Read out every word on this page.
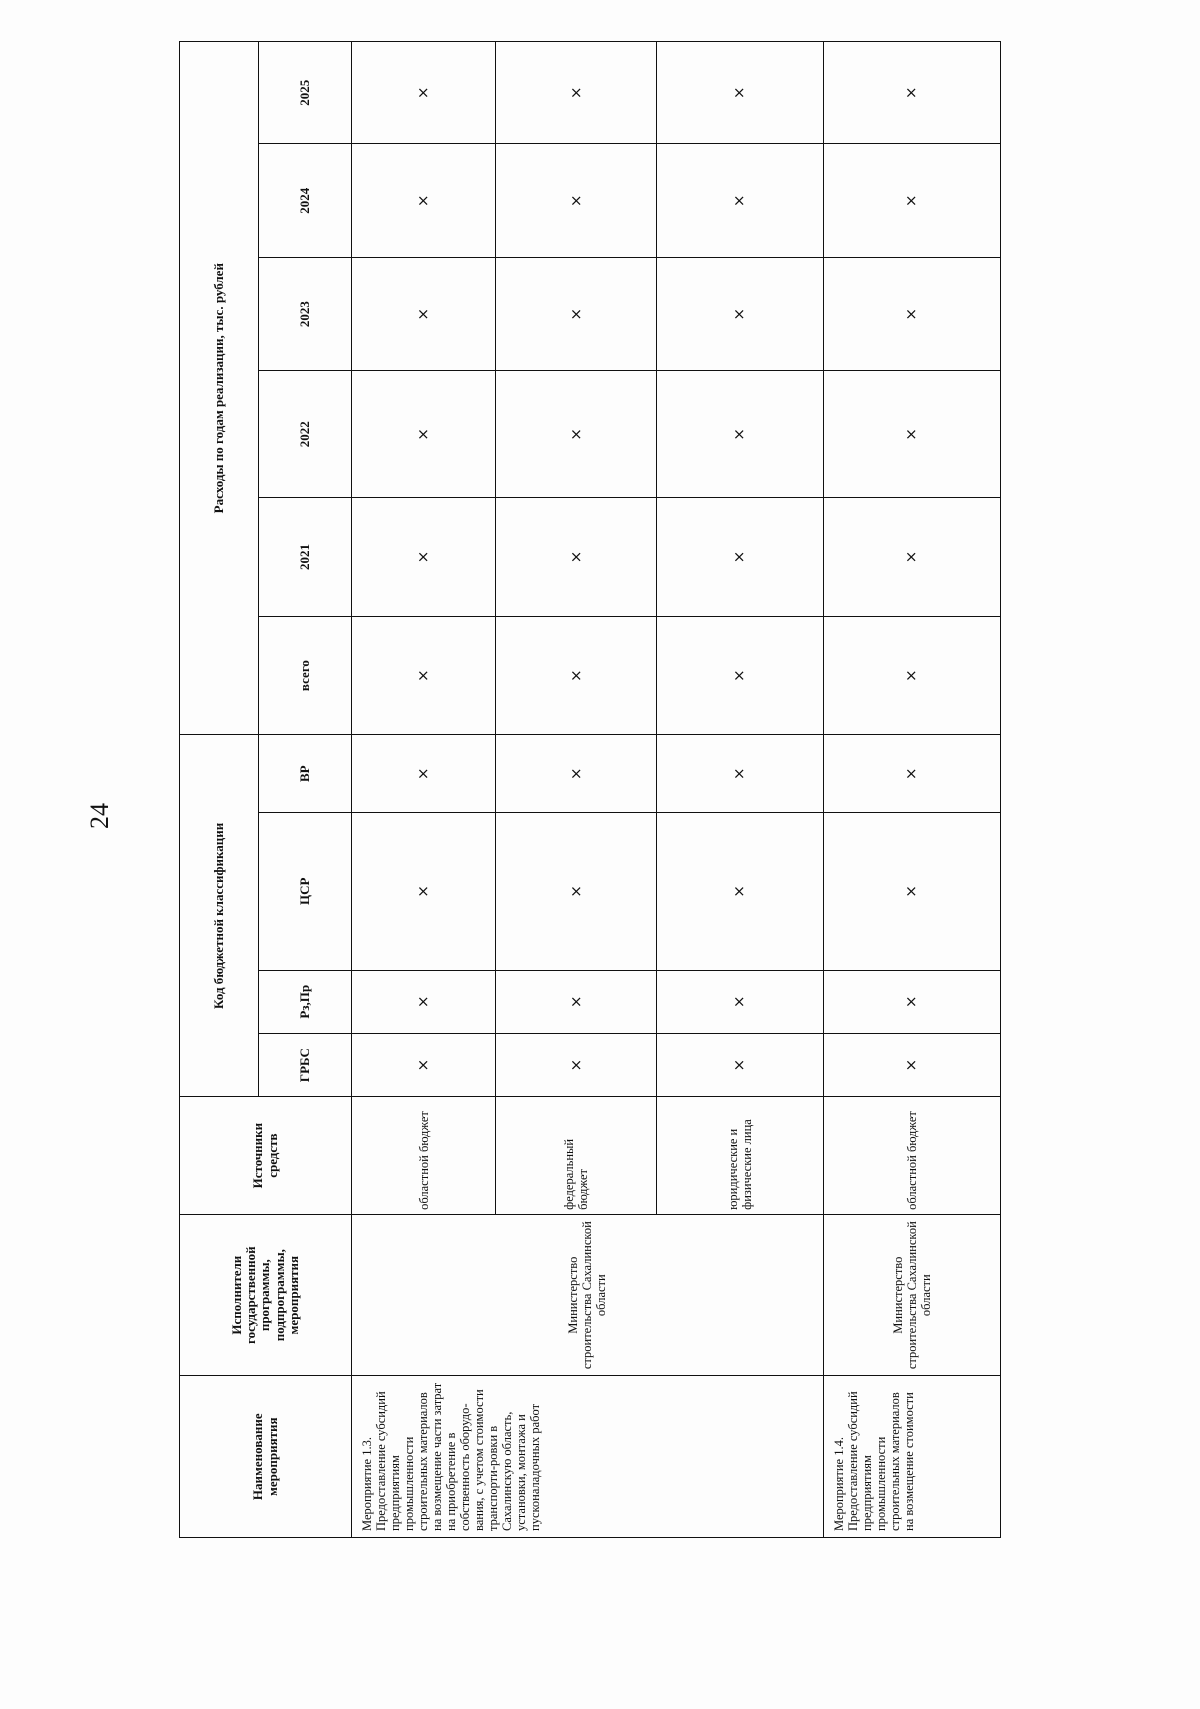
24
Наименование мероприятия	Исполнители государственной программы, подпрограммы, мероприятия	Источники средств	Код бюджетной классификации				Расходы по годам реализации, тыс. рублей					
			ГРБС	Рз,Пр	ЦСР	ВР	всего	2021	2022	2023	2024	2025
Мероприятие 1.3. Предоставление субсидий предприятиям промышленности строительных материалов на возмещение части затрат на приобретение в собственность оборудо-вания, с учетом стоимости транспорти-ровки в Сахалинскую область, установки, монтажа и пусконаладочных работ	Министерство строительства Сахалинской области	областной бюджет	×	×	×	×	×	×	×	×	×	×
		федеральный бюджет	×	×	×	×	×	×	×	×	×	×
		юридические и физические лица	×	×	×	×	×	×	×	×	×	×
Мероприятие 1.4. Предоставление субсидий предприятиям промышленности строительных материалов на возмещение стоимости	Министерство строительства Сахалинской области	областной бюджет	×	×	×	×	×	×	×	×	×	×
